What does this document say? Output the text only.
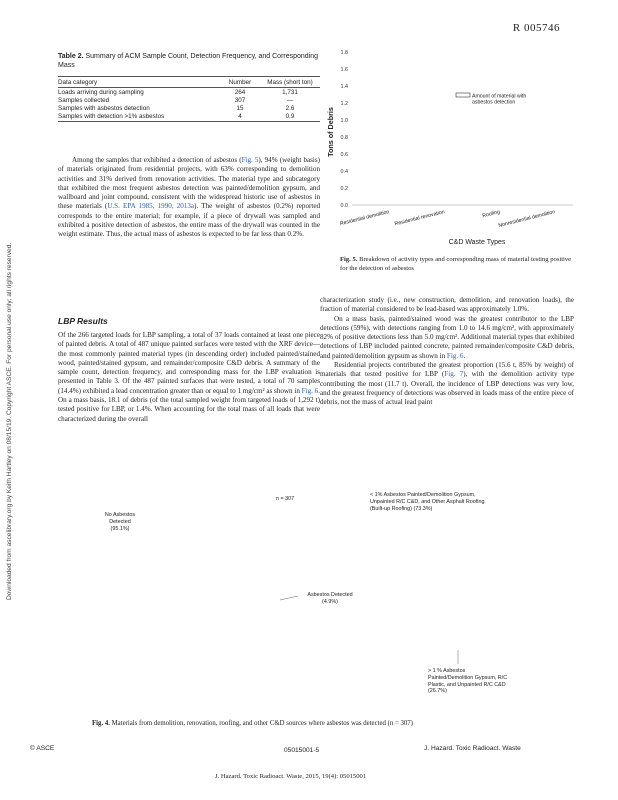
R 005746
Downloaded from ascelibrary.org by Keith Hartley on 08/15/19. Copyright ASCE. For personal use only; all rights reserved.
Table 2. Summary of ACM Sample Count, Detection Frequency, and Corresponding Mass
Data category	Number	Mass (short ton)
Loads arriving during sampling	264	1,731
Samples collected	307	—
Samples with asbestos detection	15	2.6
Samples with detection >1% asbestos	4	0.9
Among the samples that exhibited a detection of asbestos (Fig. 5), 94% (weight basis) of materials originated from residential projects, with 63% corresponding to demolition activities and 31% derived from renovation activities. The material type and subcategory that exhibited the most frequent asbestos detection was painted/demolition gypsum, and wallboard and joint compound, consistent with the widespread historic use of asbestos in these materials (U.S. EPA 1985, 1990, 2013a). The weight of asbestos (0.2%) reported corresponds to the entire material; for example, if a piece of drywall was sampled and exhibited a positive detection of asbestos, the entire mass of the drywall was counted in the weight estimate. Thus, the actual mass of asbestos is expected to be far less than 0.2%.
LBP Results
Of the 266 targeted loads for LBP sampling, a total of 37 loads contained at least one piece of painted debris. A total of 487 unique painted surfaces were tested with the XRF device—the most commonly painted material types (in descending order) included painted/stained wood, painted/stained gypsum, and remainder/composite C&D debris. A summary of the sample count, detection frequency, and corresponding mass for the LBP evaluation is presented in Table 3. Of the 487 painted surfaces that were tested, a total of 70 samples (14.4%) exhibited a lead concentration greater than or equal to 1 mg/cm² as shown in Fig. 6. On a mass basis, 18.1 of debris (of the total sampled weight from targeted loads of 1,292 t) tested positive for LBP, or 1.4%. When accounting for the total mass of all loads that were characterized during the overall
characterization study (i.e., new construction, demolition, and renovation loads), the fraction of material considered to be lead-based was approximately 1.0%.
On a mass basis, painted/stained wood was the greatest contributor to the LBP detections (59%), with detections ranging from 1.0 to 14.6 mg/cm², with approximately 82% of positive detections less than 5.0 mg/cm². Additional material types that exhibited detections of LBP included painted concrete, painted remainder/composite C&D debris, and painted/demolition gypsum as shown in Fig. 6.
Residential projects contributed the greatest proportion (15.6 t, 85% by weight) of materials that tested positive for LBP (Fig. 7), with the demolition activity type contributing the most (11.7 t). Overall, the incidence of LBP detections was very low, and the greatest frequency of detections was observed in loads mass of the entire piece of debris, not the mass of actual lead paint
0.0
0.2
0.4
0.6
0.8
1.0
1.2
1.4
1.6
1.8
Tons of Debris
Residential demolition Residential renovation	Roofing
Nonresidential demolition
C&D Waste Types
Amount of material with asbestos detection
Fig. 5. Breakdown of activity types and corresponding mass of material testing positive for the detection of asbestos
n = 307
No Asbestos Detected
(95.1%)
< 1% Asbestos Painted/Demolition Gypsum, Unpainted R/C C&D, and Other Asphalt Roofing (Built-up Roofing) (73.3%)
Asbestos Detected
(4.9%)
> 1 % Asbestos Painted/Demolition Gypsum, R/C Plastic, and Unpainted R/C C&D (26.7%)
Fig. 4. Materials from demolition, renovation, roofing, and other C&D sources where asbestos was detected (n = 307)
© ASCE	05015001-5	J. Hazard. Toxic Radioact. Waste
J. Hazard. Toxic Radioact. Waste, 2015, 19(4): 05015001
